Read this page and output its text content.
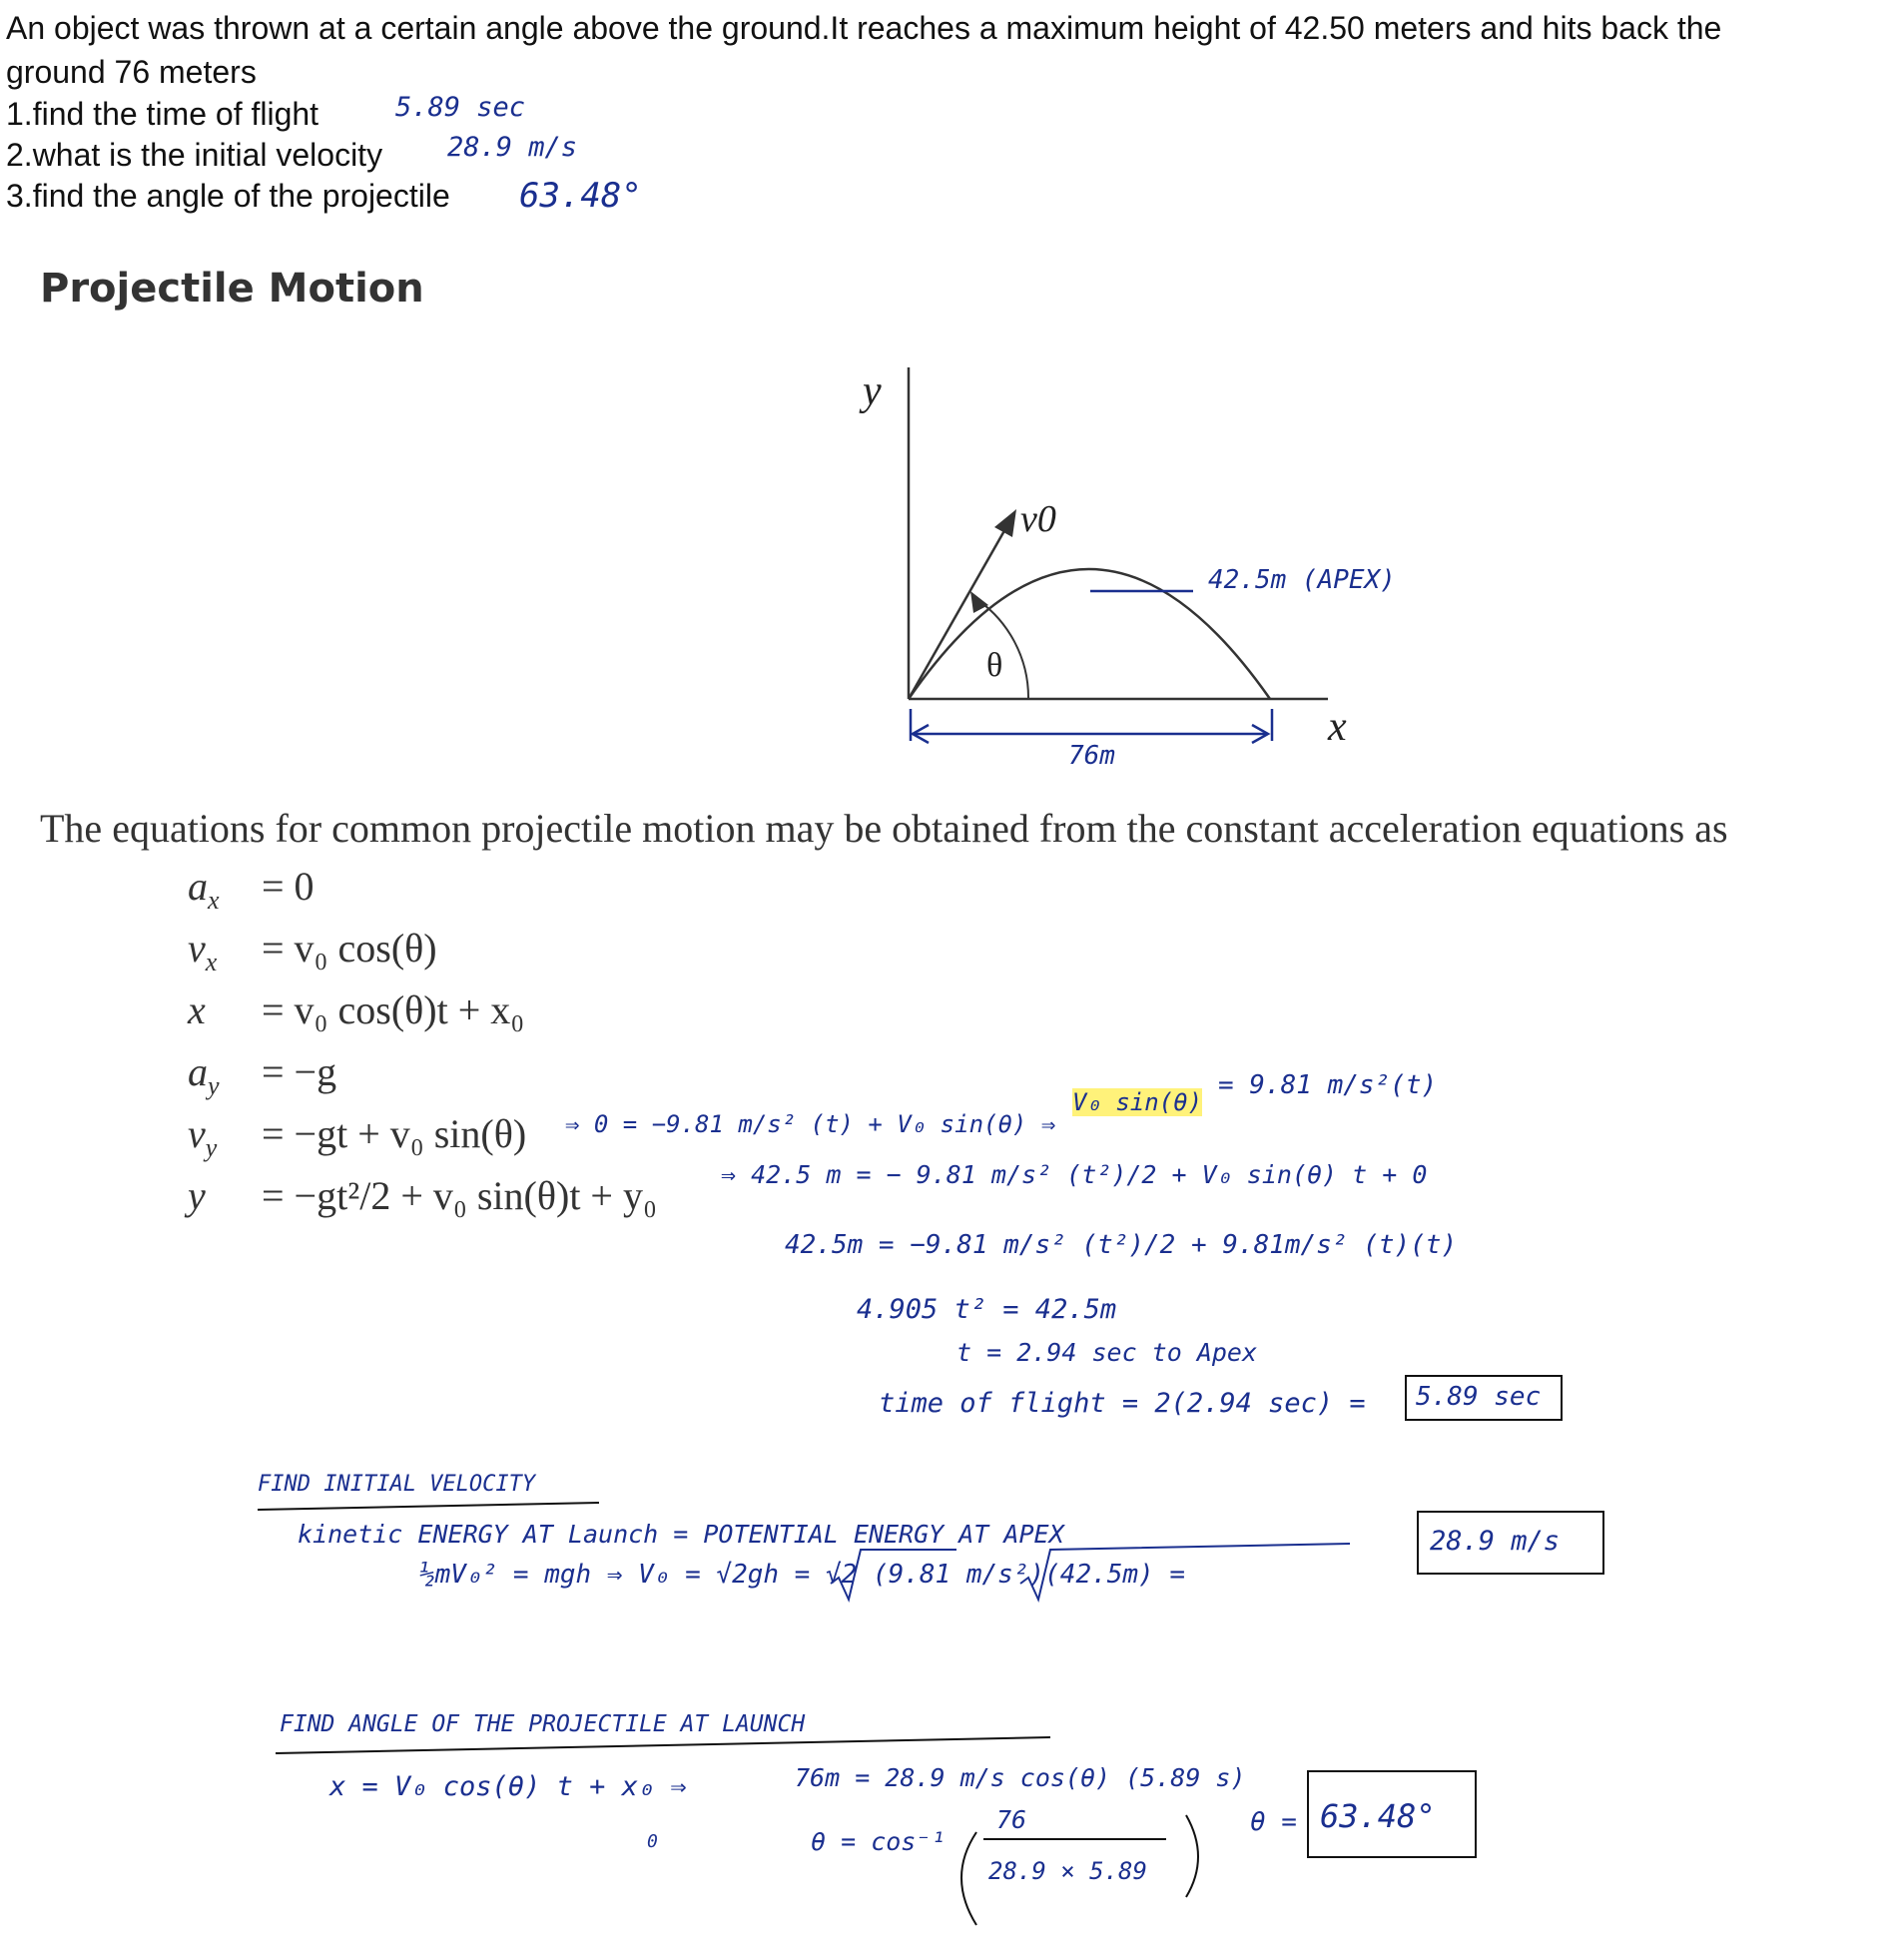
An object was thrown at a certain angle above the ground.It reaches a maximum height of 42.50 meters and hits back the
ground 76 meters
1.find the time of flight
2.what is the initial velocity
3.find the angle of the projectile
5.89 sec
28.9 m/s
63.48°
Projectile Motion
y
x
v0
θ
42.5m (APEX)
76m
The equations for common projectile motion may be obtained from the constant acceleration equations as
$a_x = 0$
$v_x = v_0$ cos(θ)
x = v₀ cos(θ)t + x₀
$a_y = -g$
$v_y = -gt + v_0$ sin(θ)
y = −gt²/2 + v₀ sin(θ)t + y₀
⇒ 0 = −9.81 m/s² (t) + V₀ sin(θ) ⇒
V₀ sin(θ)
= 9.81 m/s²(t)
⇒ 42.5 m = − 9.81 m/s² (t²)/2 + V₀ sin(θ) t + 0
42.5m = −9.81 m/s² (t²)/2 + 9.81m/s² (t)(t)
4.905 t² = 42.5m
t = 2.94 sec to Apex
time of flight = 2(2.94 sec) = 5.89 sec
FIND INITIAL VELOCITY
kinetic ENERGY AT Launch = POTENTIAL ENERGY AT APEX
½mV₀² = mgh ⇒ V₀ = √2gh = √2 (9.81 m/s²)(42.5m) =
28.9 m/s
FIND ANGLE OF THE PROJECTILE AT LAUNCH
x = V₀ cos(θ) t + x₀ ⇒
0
76m = 28.9 m/s cos(θ) (5.89 s)
θ = cos⁻¹
76
28.9 × 5.89
θ = 63.48°
